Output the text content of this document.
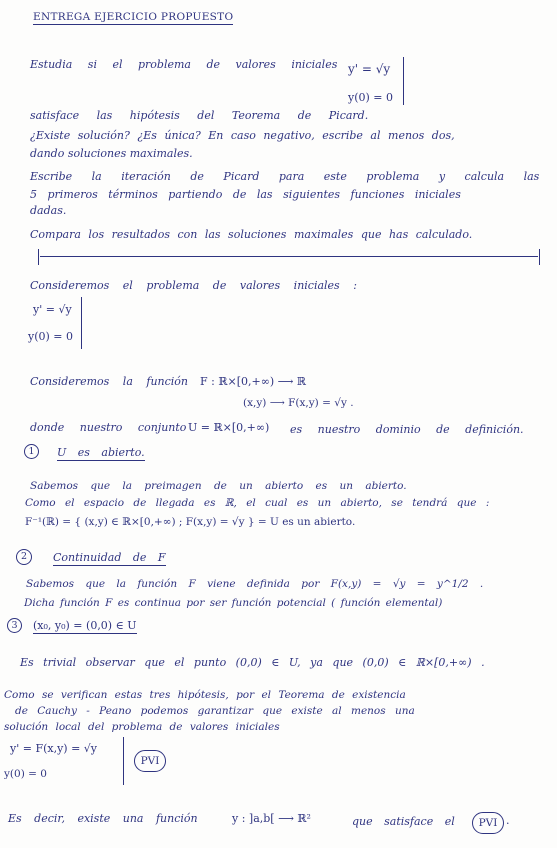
ENTREGA EJERCICIO PROPUESTO
Estudia si el problema de valores iniciales y' = √y
y(0) = 0
satisface las hipótesis del Teorema de Picard.
¿Existe solución? ¿Es única? En caso negativo, escribe al menos dos,
dando soluciones maximales.
Escribe la iteración de Picard para este problema y calcula las
5 primeros términos partiendo de las siguientes funciones iniciales
dadas.
Compara los resultados con las soluciones maximales que has calculado.
Consideremos el problema de valores iniciales :
y' = √y
y(0) = 0
Consideremos la función F : ℝ×[0,+∞) ⟶ ℝ
(x,y) ⟶ F(x,y) = √y .
donde nuestro conjunto U = ℝ×[0,+∞) es nuestro dominio de definición.
1	U es abierto.
Sabemos que la preimagen de un abierto es un abierto.
Como el espacio de llegada es ℝ, el cual es un abierto, se tendrá que :
F⁻¹(ℝ) = { (x,y) ∈ ℝ×[0,+∞) ; F(x,y) = √y } = U es un abierto.
2	Continuidad de F
Sabemos que la función F viene definida por F(x,y) = √y = y^1/2 .
Dicha función F es continua por ser función potencial ( función elemental)
3	(x₀, y₀) = (0,0) ∈ U
Es trivial observar que el punto (0,0) ∈ U, ya que (0,0) ∈ ℝ×[0,+∞) .
Como se verifican estas tres hipótesis, por el Teorema de existencia
de Cauchy - Peano podemos garantizar que existe al menos una
solución local del problema de valores iniciales
y' = F(x,y) = √y
y(0) = 0
PVI
Es decir, existe una función	y : ]a,b[ ⟶ ℝ²	que satisface el	PVI .
